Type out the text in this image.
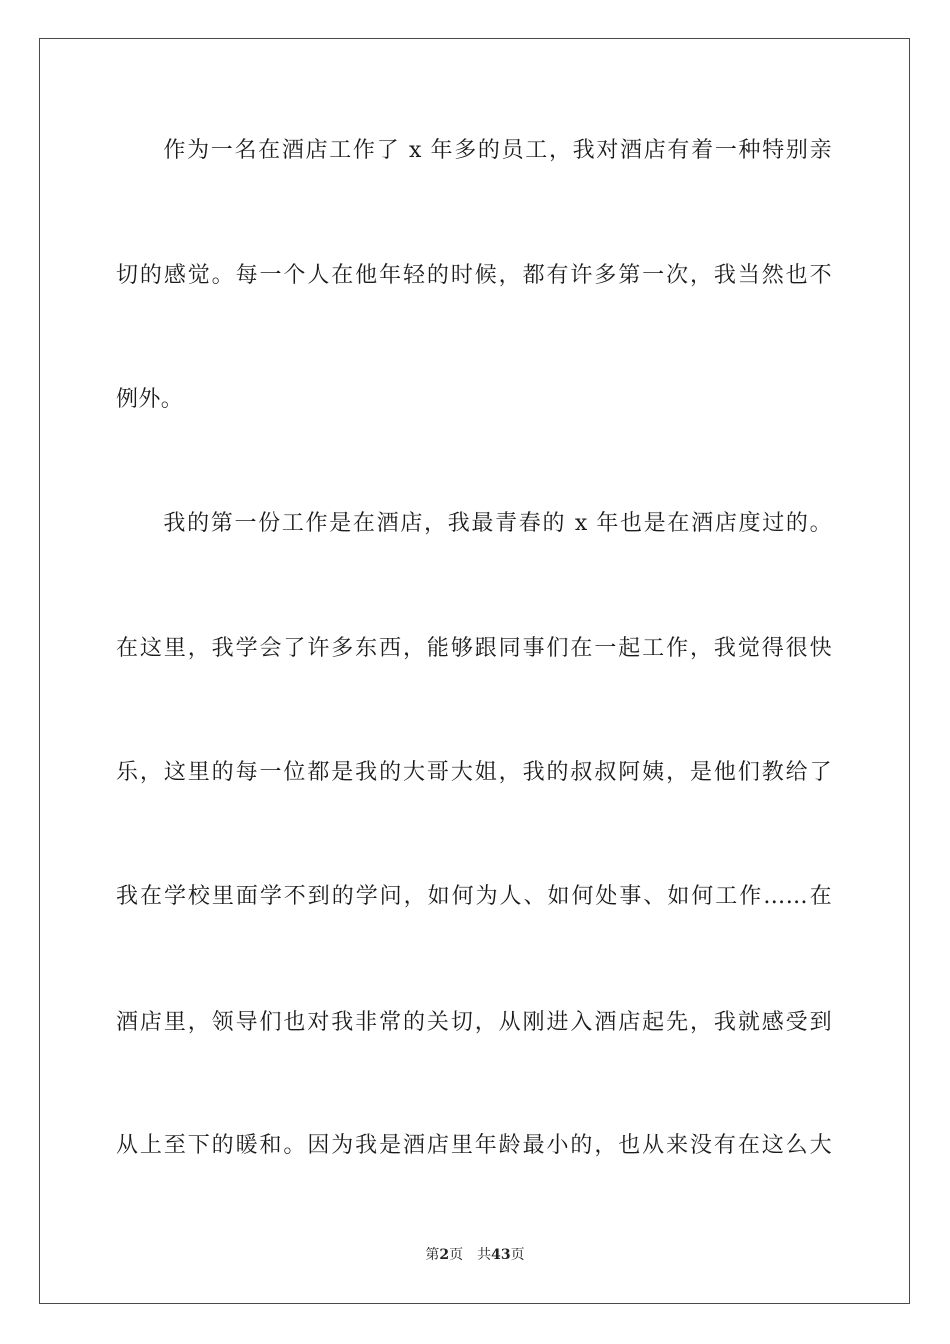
　　作为一名在酒店工作了 x 年多的员工，我对酒店有着一种特别亲
切的感觉。每一个人在他年轻的时候，都有许多第一次，我当然也不
例外。
　　我的第一份工作是在酒店，我最青春的 x 年也是在酒店度过的。
在这里，我学会了许多东西，能够跟同事们在一起工作，我觉得很快
乐，这里的每一位都是我的大哥大姐，我的叔叔阿姨，是他们教给了
我在学校里面学不到的学问，如何为人、如何处事、如何工作……在
酒店里，领导们也对我非常的关切，从刚进入酒店起先，我就感受到
从上至下的暖和。因为我是酒店里年龄最小的，也从来没有在这么大
第2页 共43页
